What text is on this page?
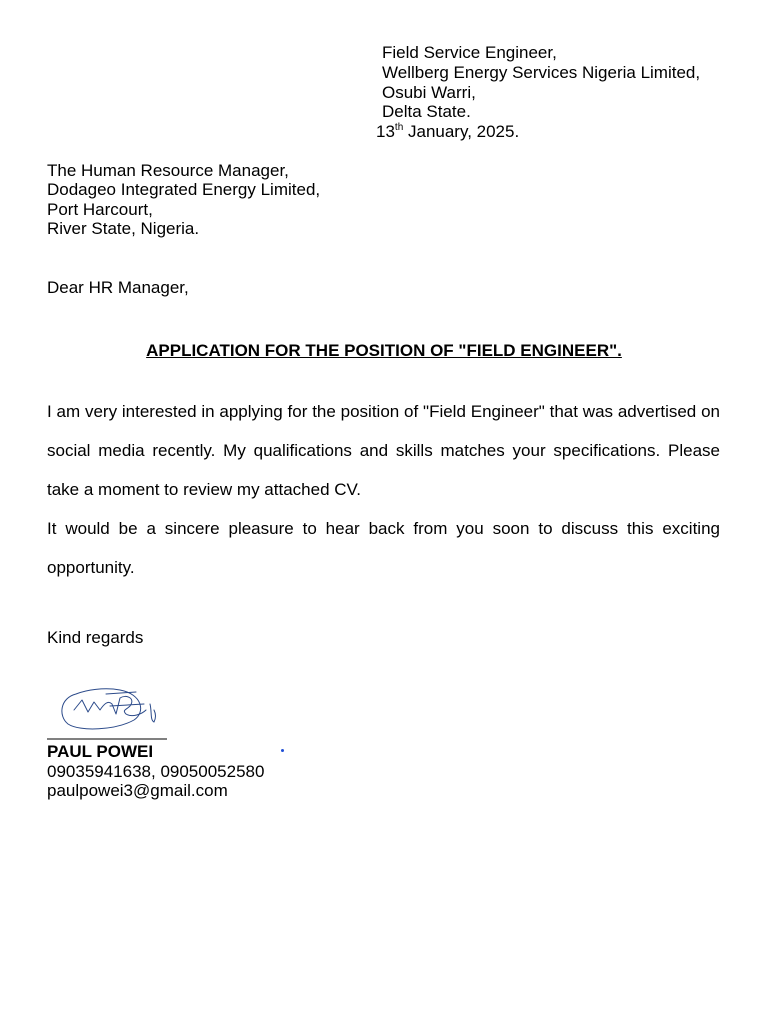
Field Service Engineer,
Wellberg Energy Services Nigeria Limited,
Osubi Warri,
Delta State.
13th January, 2025.
The Human Resource Manager,
Dodageo Integrated Energy Limited,
Port Harcourt,
River State, Nigeria.
Dear HR Manager,
APPLICATION FOR THE POSITION OF "FIELD ENGINEER".
I am very interested in applying for the position of "Field Engineer" that was advertised on social media recently. My qualifications and skills matches your specifications. Please take a moment to review my attached CV.
It would be a sincere pleasure to hear back from you soon to discuss this exciting opportunity.
Kind regards
PAUL POWEI
09035941638, 09050052580
paulpowei3@gmail.com
